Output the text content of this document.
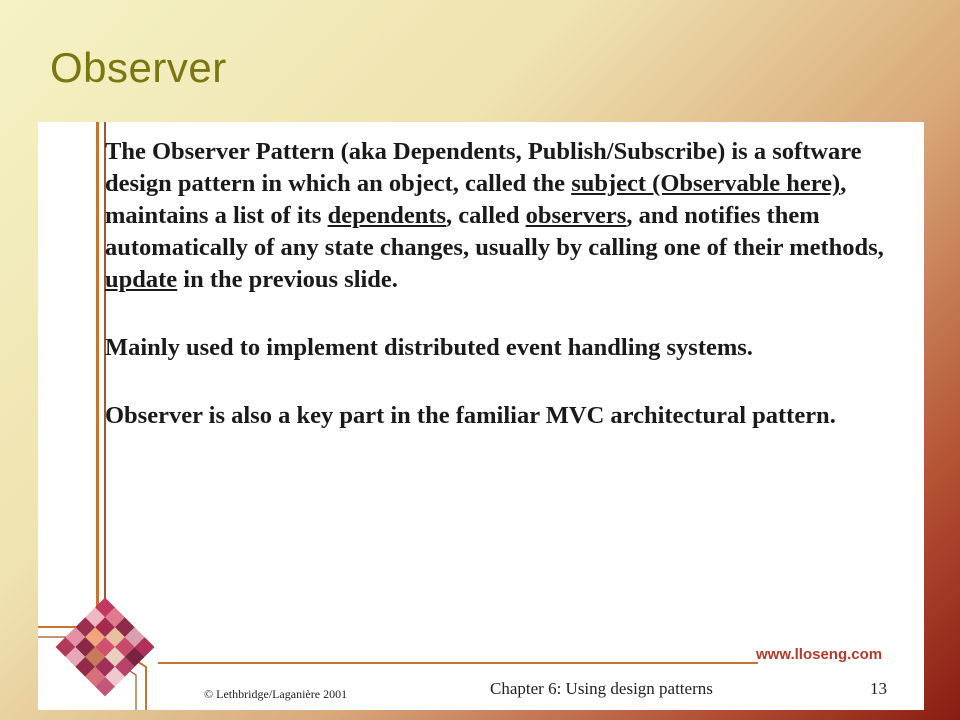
Observer

The Observer Pattern (aka Dependents, Publish/Subscribe) is a software design pattern in which an object, called the subject (Observable here), maintains a list of its dependents, called observers, and notifies them automatically of any state changes, usually by calling one of their methods, update in the previous slide.

Mainly used to implement distributed event handling systems.

Observer is also a key part in the familiar MVC architectural pattern.

www.lloseng.com
© Lethbridge/Laganière 2001	Chapter 6: Using design patterns	13
